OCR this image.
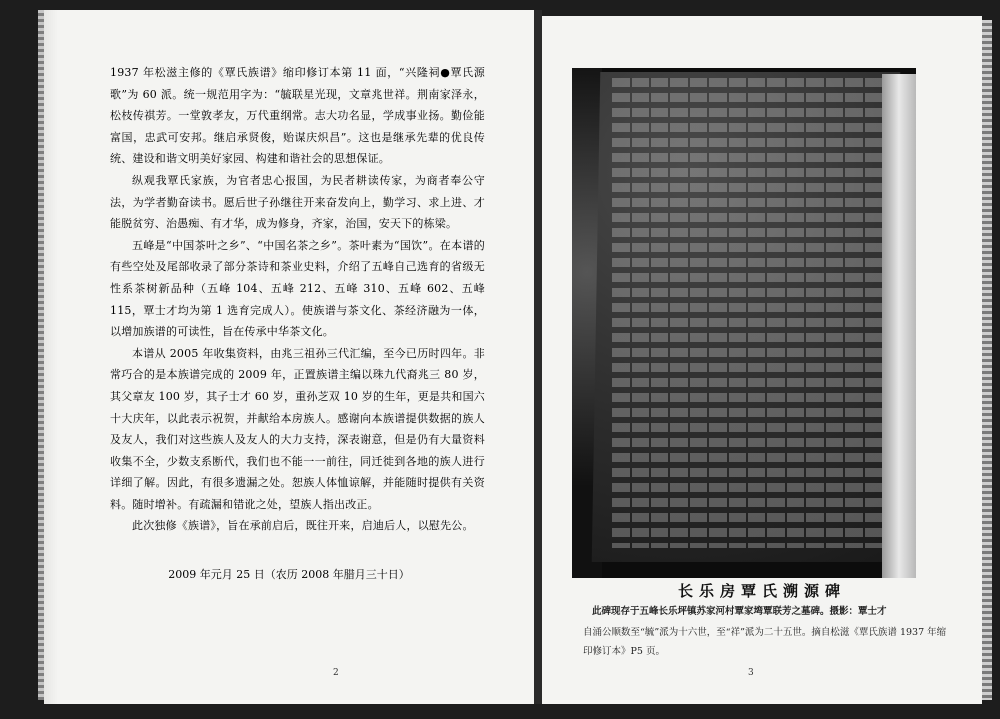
1937 年松滋主修的《覃氏族谱》缩印修订本第 11 面，“兴隆祠●覃氏源歌”为 60 派。统一规范用字为：“毓联星光现，文章兆世祥。荆南家泽永，松枝传祺芳。一堂敦孝友，万代重纲常。志大功名显，学成事业扬。勤俭能富国，忠武可安邦。继启承贤俊，贻谋庆炽昌”。这也是继承先辈的优良传统、建设和谐文明美好家园、构建和谐社会的思想保证。

纵观我覃氏家族，为官者忠心报国，为民者耕读传家，为商者奉公守法，为学者勤奋读书。愿后世子孙继往开来奋发向上，勤学习、求上进、才能脱贫穷、治愚痴、有才华，成为修身，齐家，治国，安天下的栋梁。

五峰是“中国茶叶之乡”、“中国名茶之乡”。茶叶素为“国饮”。在本谱的有些空处及尾部收录了部分茶诗和茶业史料，介绍了五峰自己选育的省级无性系茶树新品种（五峰 104、五峰 212、五峰 310、五峰 602、五峰 115，覃士才均为第 1 选育完成人）。使族谱与茶文化、茶经济融为一体，以增加族谱的可读性，旨在传承中华茶文化。

本谱从 2005 年收集资料，由兆三祖孙三代汇编，至今已历时四年。非常巧合的是本族谱完成的 2009 年，正置族谱主编以珠九代裔兆三 80 岁，其父章友 100 岁，其子士才 60 岁，重孙芝双 10 岁的生年，更是共和国六十大庆年，以此表示祝贺，并献给本房族人。感谢向本族谱提供数据的族人及友人，我们对这些族人及友人的大力支持，深表谢意，但是仍有大量资料收集不全，少数支系断代，我们也不能一一前往，同迁徙到各地的族人进行详细了解。因此，有很多遗漏之处。恕族人体恤谅解，并能随时提供有关资料。随时增补。有疏漏和错讹之处，望族人指出改正。

此次独修《族谱》，旨在承前启后，既往开来，启迪后人，以慰先公。

2009 年元月 25 日（农历 2008 年腊月三十日）
2
长乐房覃氏溯源碑
此碑现存于五峰长乐坪镇苏家河村覃家塆覃联芳之墓碑。摄影：覃士才
自涌公顺数至“毓”派为十六世，至“祥”派为二十五世。摘自松滋《覃氏族谱 1937 年缩
印修订本》P5 页。
3
